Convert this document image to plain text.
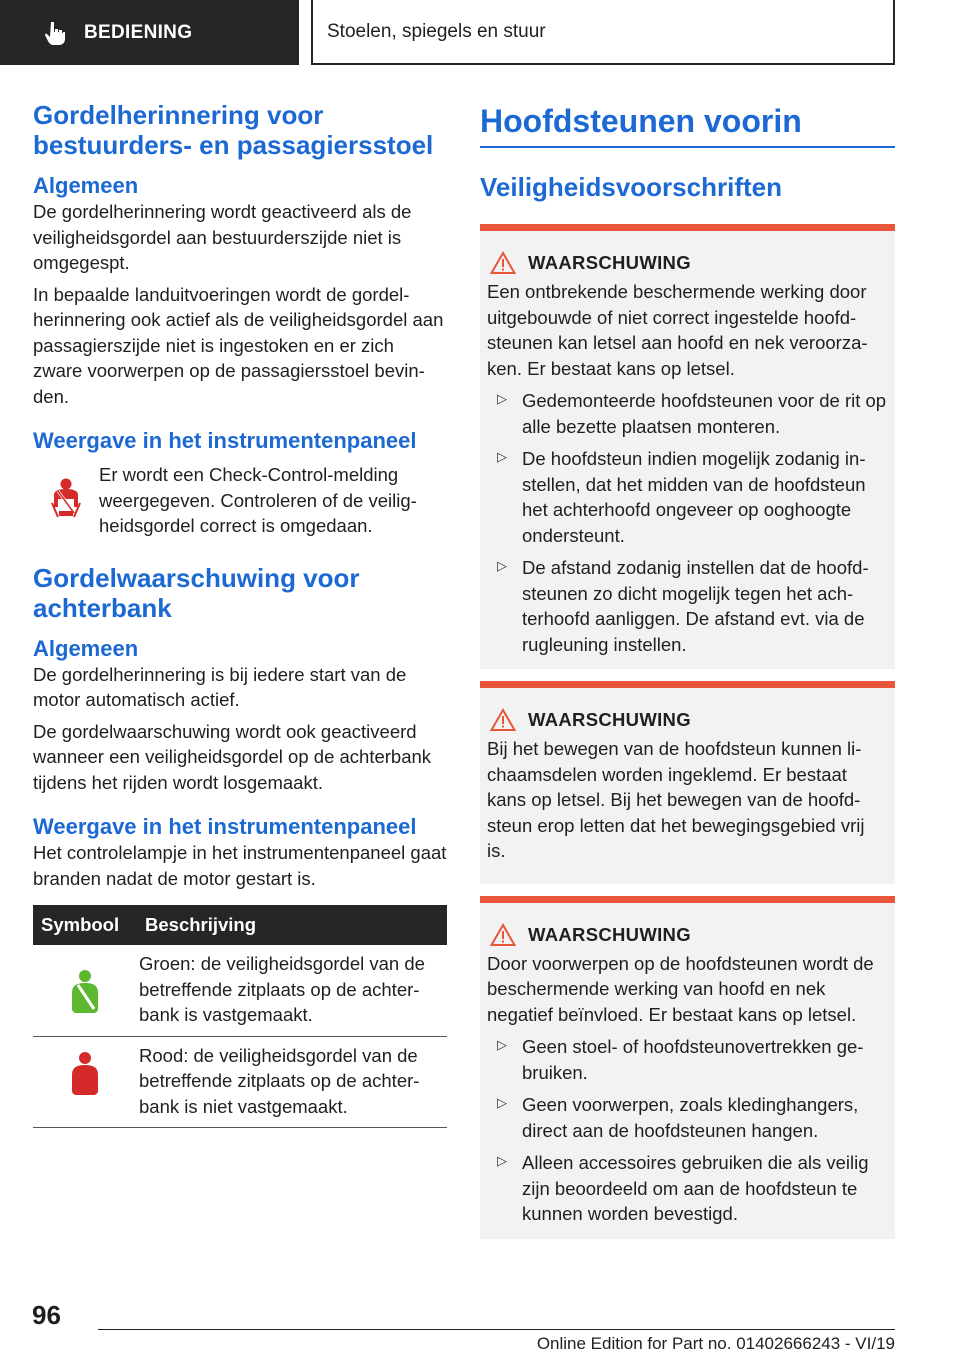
BEDIENING	Stoelen, spiegels en stuur
Gordelherinnering voor bestuurders- en passagiersstoel
Algemeen

De gordelherinnering wordt geactiveerd als de veiligheidsgordel aan bestuurderszijde niet is omgegespt.

In bepaalde landuitvoeringen wordt de gordel-herinnering ook actief als de veiligheidsgordel aan passagierszijde niet is ingestoken en er zich zware voorwerpen op de passagiersstoel bevin-den.

Weergave in het instrumentenpaneel

Er wordt een Check-Control-melding weergegeven. Controleren of de veilig-heidsgordel correct is omgedaan.

Gordelwaarschuwing voor achterbank
Algemeen

De gordelherinnering is bij iedere start van de motor automatisch actief.

De gordelwaarschuwing wordt ook geactiveerd wanneer een veiligheidsgordel op de achterbank tijdens het rijden wordt losgemaakt.

Weergave in het instrumentenpaneel

Het controlelampje in het instrumentenpaneel gaat branden nadat de motor gestart is.

Symbool	Beschrijving
	Groen: de veiligheidsgordel van de betreffende zitplaats op de achter-bank is vastgemaakt.
	Rood: de veiligheidsgordel van de betreffende zitplaats op de achter-bank is niet vastgemaakt.
Hoofdsteunen voorin
Veiligheidsvoorschriften
WAARSCHUWING

Een ontbrekende beschermende werking door uitgebouwde of niet correct ingestelde hoofd-steunen kan letsel aan hoofd en nek veroorza-ken. Er bestaat kans op letsel.

▷ Gedemonteerde hoofdsteunen voor de rit op alle bezette plaatsen monteren.
▷ De hoofdsteun indien mogelijk zodanig in-stellen, dat het midden van de hoofdsteun het achterhoofd ongeveer op ooghoogte ondersteunt.
▷ De afstand zodanig instellen dat de hoofd-steunen zo dicht mogelijk tegen het ach-terhoofd aanliggen. De afstand evt. via de rugleuning instellen.
WAARSCHUWING

Bij het bewegen van de hoofdsteun kunnen li-chaamsdelen worden ingeklemd. Er bestaat kans op letsel. Bij het bewegen van de hoofd-steun erop letten dat het bewegingsgebied vrij is.

WAARSCHUWING

Door voorwerpen op de hoofdsteunen wordt de beschermende werking van hoofd en nek negatief beïnvloed. Er bestaat kans op letsel.

▷ Geen stoel- of hoofdsteunovertrekken ge-bruiken.
▷ Geen voorwerpen, zoals kledinghangers, direct aan de hoofdsteunen hangen.
▷ Alleen accessoires gebruiken die als veilig zijn beoordeeld om aan de hoofdsteun te kunnen worden bevestigd.
96
Online Edition for Part no. 01402666243 - VI/19
